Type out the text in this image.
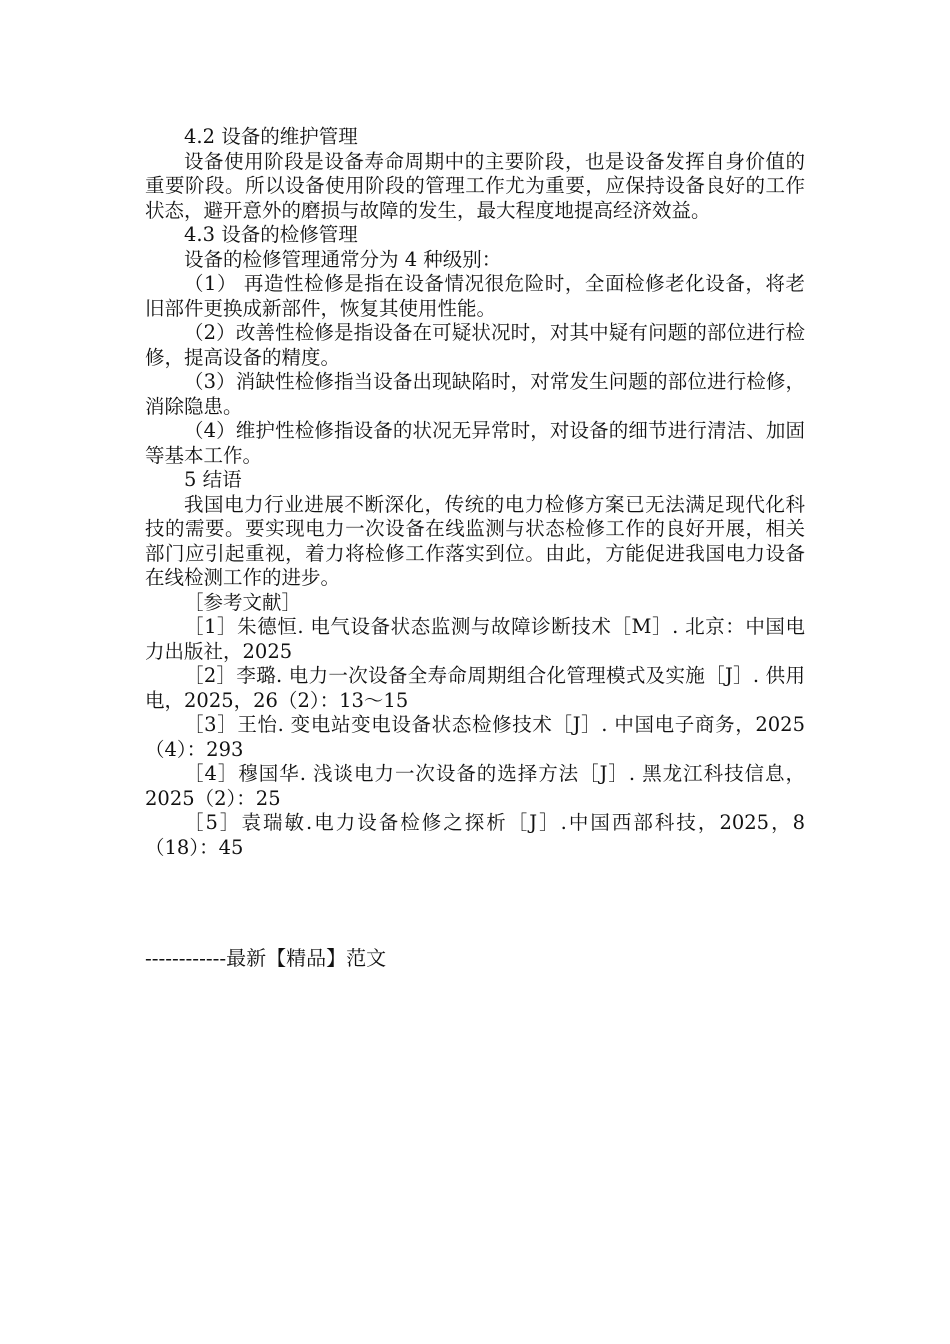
4.2 设备的维护管理

设备使用阶段是设备寿命周期中的主要阶段，也是设备发挥自身价值的重要阶段。所以设备使用阶段的管理工作尤为重要，应保持设备良好的工作状态，避开意外的磨损与故障的发生，最大程度地提高经济效益。

4.3 设备的检修管理

设备的检修管理通常分为 4 种级别：

（1） 再造性检修是指在设备情况很危险时，全面检修老化设备，将老旧部件更换成新部件，恢复其使用性能。

（2）改善性检修是指设备在可疑状况时，对其中疑有问题的部位进行检修，提高设备的精度。

（3）消缺性检修指当设备出现缺陷时，对常发生问题的部位进行检修，消除隐患。

（4）维护性检修指设备的状况无异常时，对设备的细节进行清洁、加固等基本工作。

5 结语

我国电力行业进展不断深化，传统的电力检修方案已无法满足现代化科技的需要。要实现电力一次设备在线监测与状态检修工作的良好开展，相关部门应引起重视，着力将检修工作落实到位。由此，方能促进我国电力设备在线检测工作的进步。

［参考文献］

［1］朱德恒. 电气设备状态监测与故障诊断技术［M］. 北京：中国电力出版社，2025

［2］李璐. 电力一次设备全寿命周期组合化管理模式及实施［J］. 供用电，2025，26（2）：13～15

［3］王怡. 变电站变电设备状态检修技术［J］. 中国电子商务，2025（4）：293

［4］穆国华. 浅谈电力一次设备的选择方法［J］. 黑龙江科技信息，2025（2）：25

［5］袁瑞敏.电力设备检修之探析［J］.中国西部科技，2025，8（18）：45

------------最新【精品】范文
